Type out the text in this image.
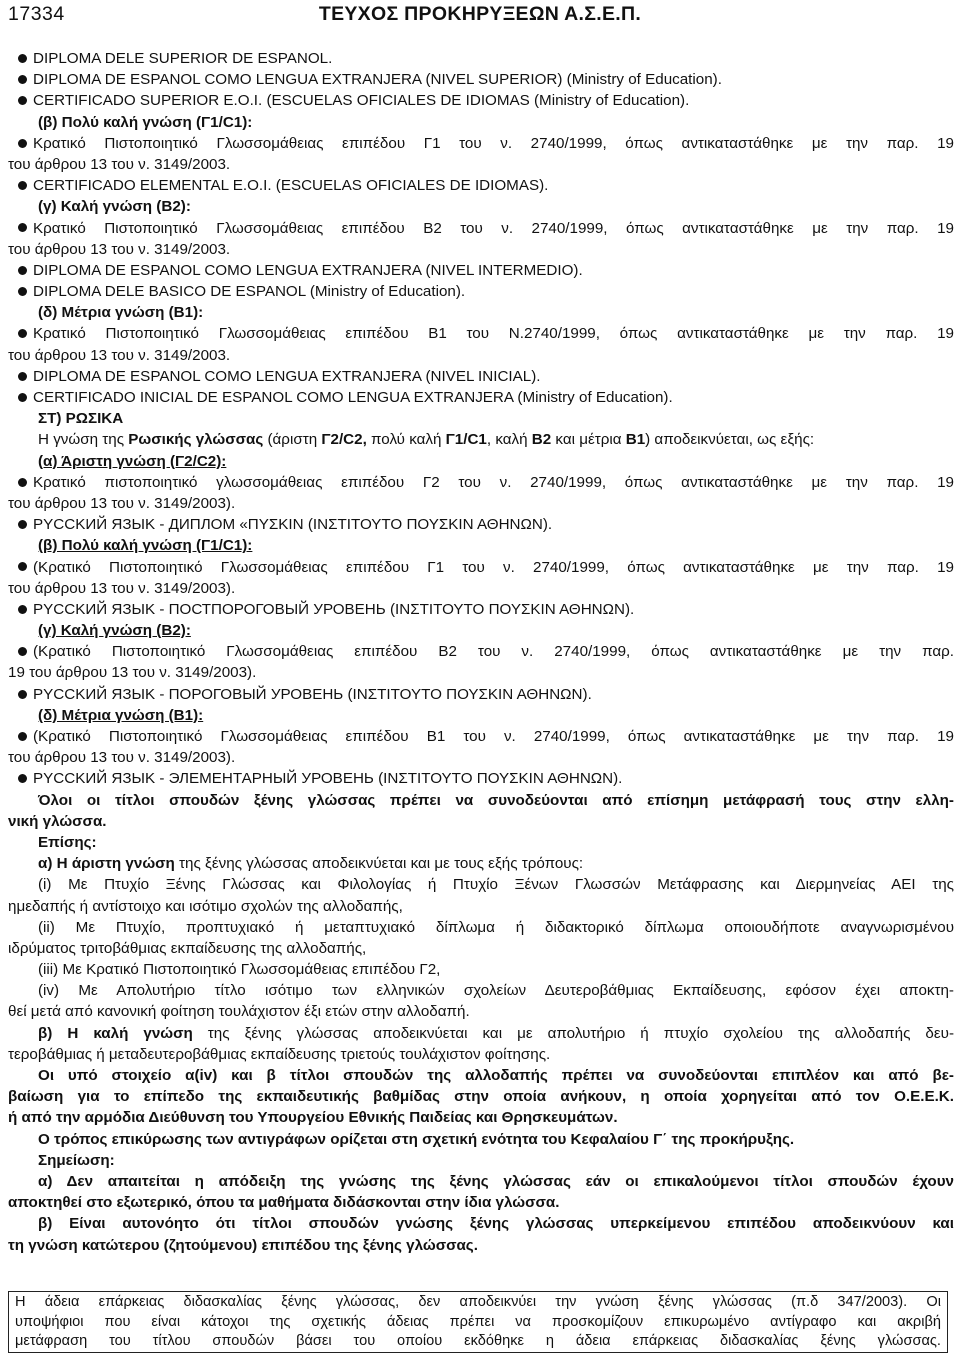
17334	ΤΕΥΧΟΣ ΠΡΟΚΗΡΥΞΕΩΝ Α.Σ.Ε.Π.
DIPLOMA DELE SUPERIOR DE ESPANOL.
DIPLOMA DE ESPANOL COMO LENGUA EXTRANJERA (NIVEL SUPERIOR) (Ministry of Education).
CERTIFICADO SUPERIOR E.O.I. (ESCUELAS OFICIALES DE IDIOMAS (Ministry of Education).
(β) Πολύ καλή γνώση (Γ1/C1):
Κρατικό Πιστοποιητικό Γλωσσομάθειας επιπέδου Γ1 του ν. 2740/1999, όπως αντικαταστάθηκε με την παρ. 19
του άρθρου 13 του ν. 3149/2003.
CERTIFICADO ELEMENTAL E.O.I. (ESCUELAS OFICIALES DE IDIOMAS).
(γ) Καλή γνώση (Β2):
Κρατικό Πιστοποιητικό Γλωσσομάθειας επιπέδου Β2 του ν. 2740/1999, όπως αντικαταστάθηκε με την παρ. 19
του άρθρου 13 του ν. 3149/2003.
DIPLOMA DE ESPANOL COMO LENGUA EXTRANJERA (NIVEL INTERMEDIO).
DIPLOMA DELE BASICO DE ESPANOL (Ministry of Education).
(δ) Μέτρια γνώση (Β1):
Κρατικό Πιστοποιητικό Γλωσσομάθειας επιπέδου Β1 του Ν.2740/1999, όπως αντικαταστάθηκε με την παρ. 19
του άρθρου 13 του ν. 3149/2003.
DIPLOMA DE ESPANOL COMO LENGUA EXTRANJERA (NIVEL INICIAL).
CERTIFICADO INICIAL DE ESPANOL COMO LENGUA EXTRANJERA (Ministry of Education).
ΣΤ) ΡΩΣΙΚΑ
Η γνώση της Ρωσικής γλώσσας (άριστη Γ2/C2, πολύ καλή Γ1/C1, καλή Β2 και μέτρια Β1) αποδεικνύεται, ως εξής:
(α) Άριστη γνώση (Γ2/C2):
Κρατικό πιστοποιητικό γλωσσομάθειας επιπέδου Γ2 του ν. 2740/1999, όπως αντικαταστάθηκε με την παρ. 19
του άρθρου 13 του ν. 3149/2003).
PYCCKИЙ ЯЗЫK - ДИПЛОМ «ΠΥΣΚΙΝ (ΙΝΣΤΙΤΟΥΤΟ ΠΟΥΣΚΙΝ ΑΘΗΝΩΝ).
(β) Πολύ καλή γνώση (Γ1/C1):
(Κρατικό Πιστοποιητικό Γλωσσομάθειας επιπέδου Γ1 του ν. 2740/1999, όπως αντικαταστάθηκε με την παρ. 19
του άρθρου 13 του ν. 3149/2003).
PYCCKИЙ ЯЗЫK - ПОСТПОРОГОВЫЙ УРОВЕНЬ (ΙΝΣΤΙΤΟΥΤΟ ΠΟΥΣΚΙΝ ΑΘΗΝΩΝ).
(γ) Καλή γνώση (Β2):
(Κρατικό Πιστοποιητικό Γλωσσομάθειας επιπέδου Β2 του ν. 2740/1999, όπως αντικαταστάθηκε με την παρ.
19 του άρθρου 13 του ν. 3149/2003).
PYCCKИЙ ЯЗЫK - ПОРОГОВЫЙ УРОВЕНЬ (ΙΝΣΤΙΤΟΥΤΟ ΠΟΥΣΚΙΝ ΑΘΗΝΩΝ).
(δ) Μέτρια γνώση (Β1):
(Κρατικό Πιστοποιητικό Γλωσσομάθειας επιπέδου Β1 του ν. 2740/1999, όπως αντικαταστάθηκε με την παρ. 19
του άρθρου 13 του ν. 3149/2003).
PYCCKИЙ ЯЗЫK - ЭЛЕМЕНТАРНЫЙ УРОВЕНЬ (ΙΝΣΤΙΤΟΥΤΟ ΠΟΥΣΚΙΝ ΑΘΗΝΩΝ).
Όλοι οι τίτλοι σπουδών ξένης γλώσσας πρέπει να συνοδεύονται από επίσημη μετάφρασή τους στην ελλη-
νική γλώσσα.
Επίσης:
α) Η άριστη γνώση της ξένης γλώσσας αποδεικνύεται και με τους εξής τρόπους:
(i) Με Πτυχίο Ξένης Γλώσσας και Φιλολογίας ή Πτυχίο Ξένων Γλωσσών Μετάφρασης και Διερμηνείας ΑΕΙ της
ημεδαπής ή αντίστοιχο και ισότιμο σχολών της αλλοδαπής,
(ii) Με Πτυχίο, προπτυχιακό ή μεταπτυχιακό δίπλωμα ή διδακτορικό δίπλωμα οποιουδήποτε αναγνωρισμένου
ιδρύματος τριτοβάθμιας εκπαίδευσης της αλλοδαπής,
(iii) Με Κρατικό Πιστοποιητικό Γλωσσομάθειας επιπέδου Γ2,
(iv) Με Απολυτήριο τίτλο ισότιμο των ελληνικών σχολείων Δευτεροβάθμιας Εκπαίδευσης, εφόσον έχει αποκτη-
θεί μετά από κανονική φοίτηση τουλάχιστον έξι ετών στην αλλοδαπή.
β) Η καλή γνώση της ξένης γλώσσας αποδεικνύεται και με απολυτήριο ή πτυχίο σχολείου της αλλοδαπής δευ-
τεροβάθμιας ή μεταδευτεροβάθμιας εκπαίδευσης τριετούς τουλάχιστον φοίτησης.
Οι υπό στοιχείο α(iv) και β τίτλοι σπουδών της αλλοδαπής πρέπει να συνοδεύονται επιπλέον και από βε-
βαίωση για το επίπεδο της εκπαιδευτικής βαθμίδας στην οποία ανήκουν, η οποία χορηγείται από τον Ο.Ε.Ε.Κ.
ή από την αρμόδια Διεύθυνση του Υπουργείου Εθνικής Παιδείας και Θρησκευμάτων.
Ο τρόπος επικύρωσης των αντιγράφων ορίζεται στη σχετική ενότητα του Κεφαλαίου Γ΄ της προκήρυξης.
Σημείωση:
α) Δεν απαιτείται η απόδειξη της γνώσης της ξένης γλώσσας εάν οι επικαλούμενοι τίτλοι σπουδών έχουν
αποκτηθεί στο εξωτερικό, όπου τα μαθήματα διδάσκονται στην ίδια γλώσσα.
β) Είναι αυτονόητο ότι τίτλοι σπουδών γνώσης ξένης γλώσσας υπερκείμενου επιπέδου αποδεικνύουν και
τη γνώση κατώτερου (ζητούμενου) επιπέδου της ξένης γλώσσας.
Η άδεια επάρκειας διδασκαλίας ξένης γλώσσας, δεν αποδεικνύει την γνώση ξένης γλώσσας (π.δ 347/2003). Οι
υποψήφιοι που είναι κάτοχοι της σχετικής άδειας πρέπει να προσκομίζουν επικυρωμένο αντίγραφο και ακριβή
μετάφραση του τίτλου σπουδών βάσει του οποίου εκδόθηκε η άδεια επάρκειας διδασκαλίας ξένης γλώσσας.
